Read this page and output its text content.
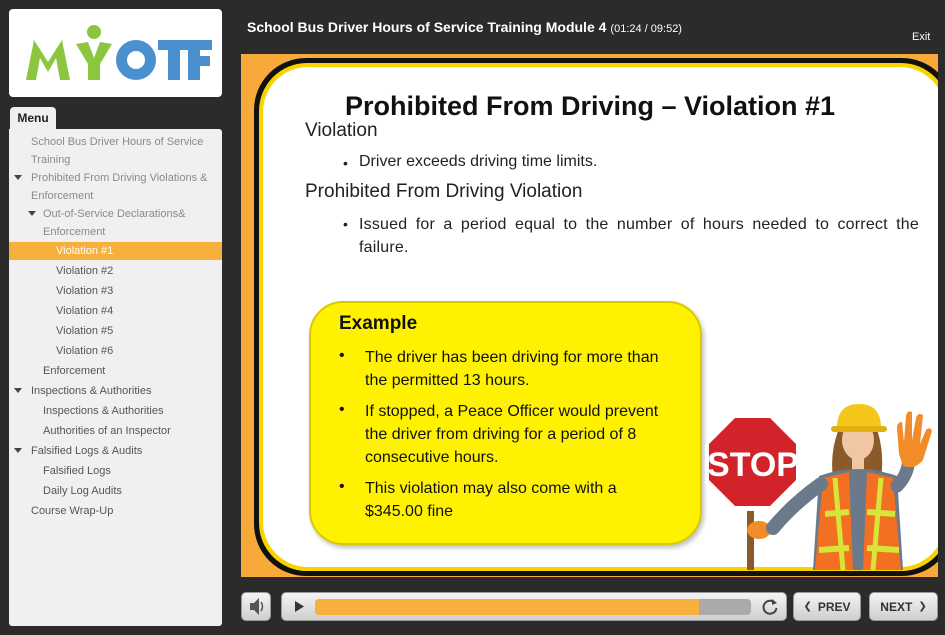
Menu
School Bus Driver Hours of Service Training
Prohibited From Driving Violations & Enforcement
Out-of-Service Declarations& Enforcement
Violation #1
Violation #2
Violation #3
Violation #4
Violation #5
Violation #6
Enforcement
Inspections & Authorities
Inspections & Authorities
Authorities of an Inspector
Falsified Logs & Audits
Falsified Logs
Daily Log Audits
Course Wrap-Up
School Bus Driver Hours of Service Training Module 4 (01:24 / 09:52)
Exit
Prohibited From Driving – Violation #1
Violation
• Driver exceeds driving time limits.
Prohibited From Driving Violation
• Issued for a period equal to the number of hours needed to correct the failure.
Example
• The driver has been driving for more than the permitted 13 hours.
• If stopped, a Peace Officer would prevent the driver from driving for a period of 8 consecutive hours.
• This violation may also come with a $345.00 fine
STOP
❮ PREV NEXT ❯
